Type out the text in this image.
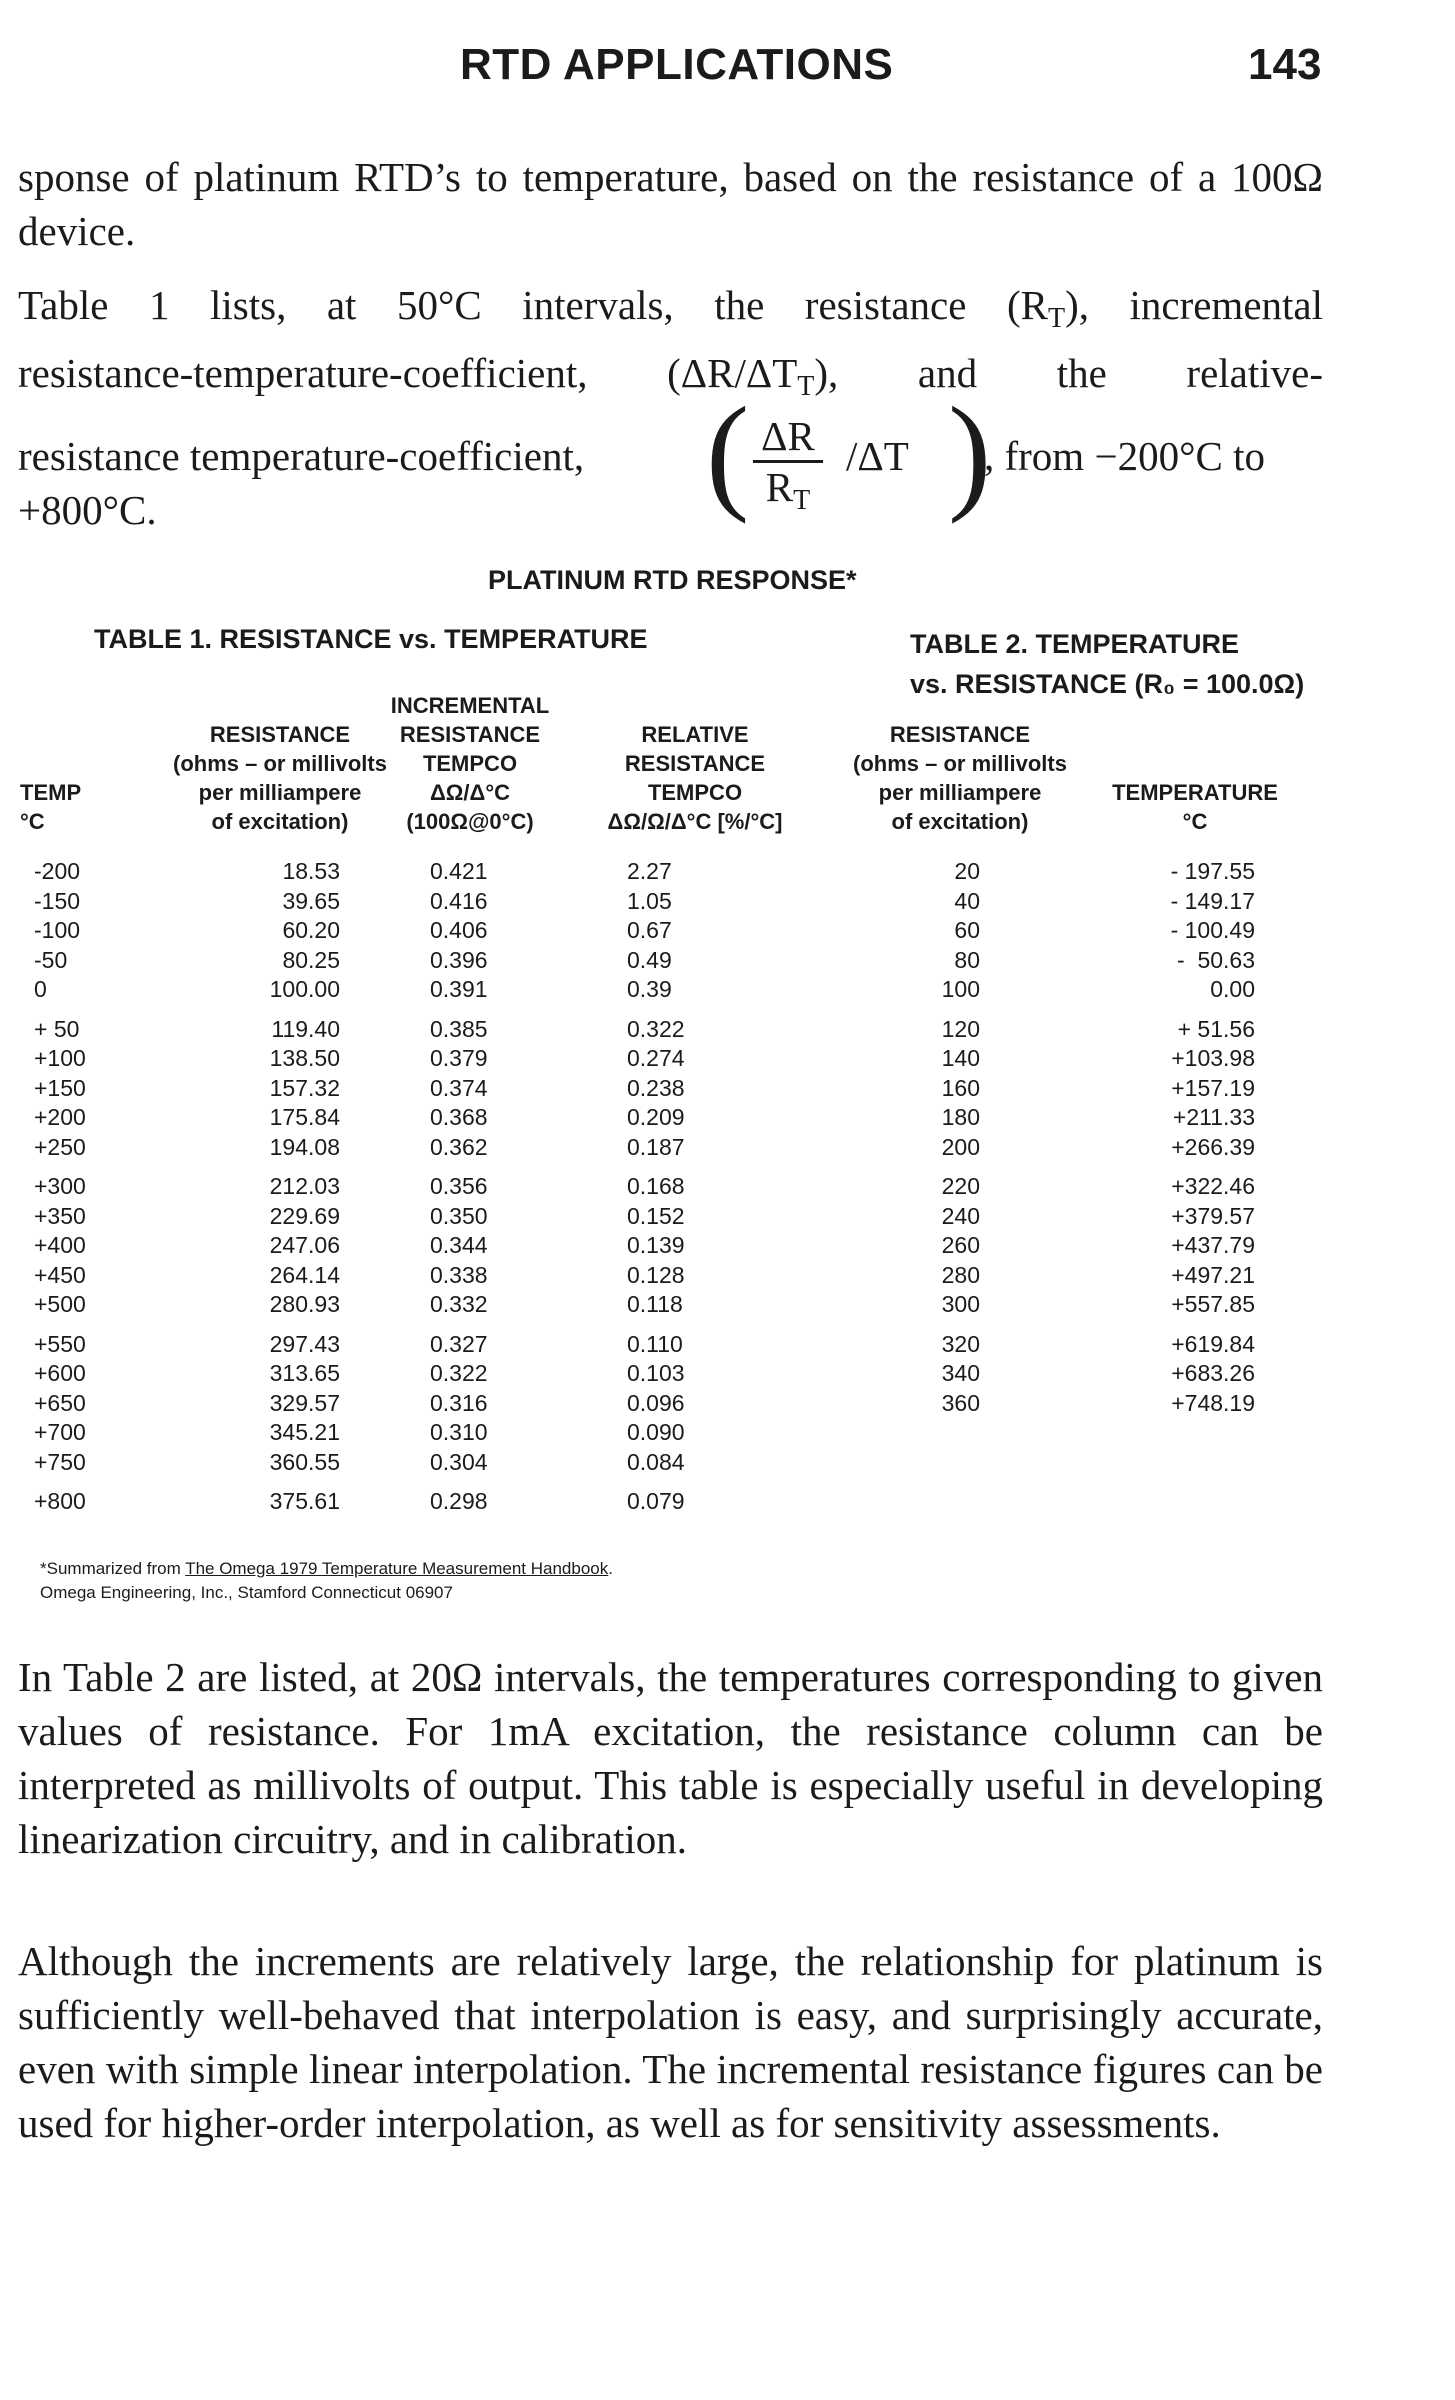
RTD APPLICATIONS	143
sponse of platinum RTD’s to temperature, based on the resistance of a 100Ω device.
Table 1 lists, at 50°C intervals, the resistance $(R_T)$, incremental
resistance-temperature-coefficient, $(\Delta R/\Delta T_T)$, and the relative-
resistance temperature-coefficient, ( ΔR
$R_T$
/ΔT )
, from −200°C to
+800°C.
PLATINUM RTD RESPONSE*
TABLE 1. RESISTANCE vs. TEMPERATURE	TABLE 2. TEMPERATURE
vs. RESISTANCE (R₀ = 100.0Ω)
TEMP
°C
RESISTANCE
(ohms – or millivolts
per milliampere
of excitation)
INCREMENTAL
RESISTANCE
TEMPCO
ΔΩ/Δ°C
(100Ω@0°C)
RELATIVE
RESISTANCE
TEMPCO
ΔΩ/Ω/Δ°C [%/°C]
RESISTANCE
(ohms – or millivolts
per milliampere
of excitation)
TEMPERATURE
°C
-200	18.53	0.421	2.27
-150	39.65	0.416	1.05
-100	60.20	0.406	0.67
-50	80.25	0.396	0.49
0	100.00	0.391	0.39
+ 50	119.40	0.385	0.322
+100	138.50	0.379	0.274
+150	157.32	0.374	0.238
+200	175.84	0.368	0.209
+250	194.08	0.362	0.187
+300	212.03	0.356	0.168
+350	229.69	0.350	0.152
+400	247.06	0.344	0.139
+450	264.14	0.338	0.128
+500	280.93	0.332	0.118
+550	297.43	0.327	0.110
+600	313.65	0.322	0.103
+650	329.57	0.316	0.096
+700	345.21	0.310	0.090
+750	360.55	0.304	0.084
+800	375.61	0.298	0.079
20	- 197.55
40	- 149.17
60	- 100.49
80	-  50.63
100	0.00
120	+ 51.56
140	+103.98
160	+157.19
180	+211.33
200	+266.39
220	+322.46
240	+379.57
260	+437.79
280	+497.21
300	+557.85
320	+619.84
340	+683.26
360	+748.19
*Summarized from The Omega 1979 Temperature Measurement Handbook.
Omega Engineering, Inc., Stamford Connecticut 06907
In Table 2 are listed, at 20Ω intervals, the temperatures corresponding to given values of resistance. For 1mA excitation, the resistance column can be interpreted as millivolts of output. This table is especially useful in developing linearization circuitry, and in calibration.
Although the increments are relatively large, the relationship for platinum is sufficiently well-behaved that interpolation is easy, and surprisingly accurate, even with simple linear interpolation. The incremental resistance figures can be used for higher-order interpolation, as well as for sensitivity assessments.
